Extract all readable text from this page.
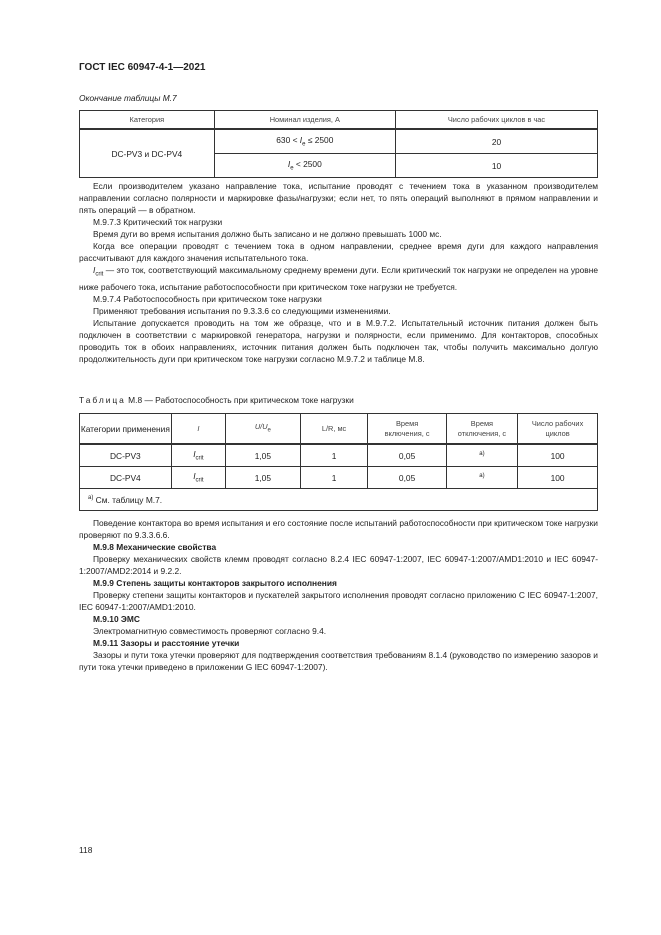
ГОСТ IEC 60947-4-1—2021
Окончание таблицы M.7
Категория	Номинал изделия, А	Число рабочих циклов в час
DC-PV3 и DC-PV4	$630 < I_e \le 2500$	20
	$I_e < 2500$	10

Если производителем указано направление тока, испытание проводят с течением тока в указанном производителем направлении согласно полярности и маркировке фазы/нагрузки; если нет, то пять операций выполняют в прямом направлении и пять операций — в обратном.

M.9.7.3 Критический ток нагрузки

Время дуги во время испытания должно быть записано и не должно превышать 1000 мс.

Когда все операции проводят с течением тока в одном направлении, среднее время дуги для каждого направления рассчитывают для каждого значения испытательного тока.

$I_{crit}$ — это ток, соответствующий максимальному среднему времени дуги. Если критический ток нагрузки не определен на уровне ниже рабочего тока, испытание работоспособности при критическом токе нагрузки не требуется.

M.9.7.4 Работоспособность при критическом токе нагрузки

Применяют требования испытания по 9.3.3.6 со следующими изменениями.

Испытание допускается проводить на том же образце, что и в M.9.7.2. Испытательный источник питания должен быть подключен в соответствии с маркировкой генератора, нагрузки и полярности, если применимо. Для контакторов, способных проводить ток в обоих направлениях, источник питания должен быть подключен так, чтобы получить максимально долгую продолжительность дуги при критическом токе нагрузки согласно M.9.7.2 и таблице M.8.

Таблица M.8 — Работоспособность при критическом токе нагрузки
Категории применения	I	$U/U_e$	L/R, мс	Время включения, с	Время отключения, с	Число рабочих циклов
DC-PV3	$I_{crit}$	1,05	1	0,05	$^{a)}$	100
DC-PV4	$I_{crit}$	1,05	1	0,05	$^{a)}$	100
$^{a)}$ См. таблицу M.7.						

Поведение контактора во время испытания и его состояние после испытаний работоспособности при критическом токе нагрузки проверяют по 9.3.3.6.6.

M.9.8 Механические свойства

Проверку механических свойств клемм проводят согласно 8.2.4 IEC 60947-1:2007, IEC 60947-1:2007/AMD1:2010 и IEC 60947-1:2007/AMD2:2014 и 9.2.2.

M.9.9 Степень защиты контакторов закрытого исполнения

Проверку степени защиты контакторов и пускателей закрытого исполнения проводят согласно приложению C IEC 60947-1:2007, IEC 60947-1:2007/AMD1:2010.

M.9.10 ЭМС

Электромагнитную совместимость проверяют согласно 9.4.

M.9.11 Зазоры и расстояние утечки

Зазоры и пути тока утечки проверяют для подтверждения соответствия требованиям 8.1.4 (руководство по измерению зазоров и пути тока утечки приведено в приложении G IEC 60947-1:2007).

118
